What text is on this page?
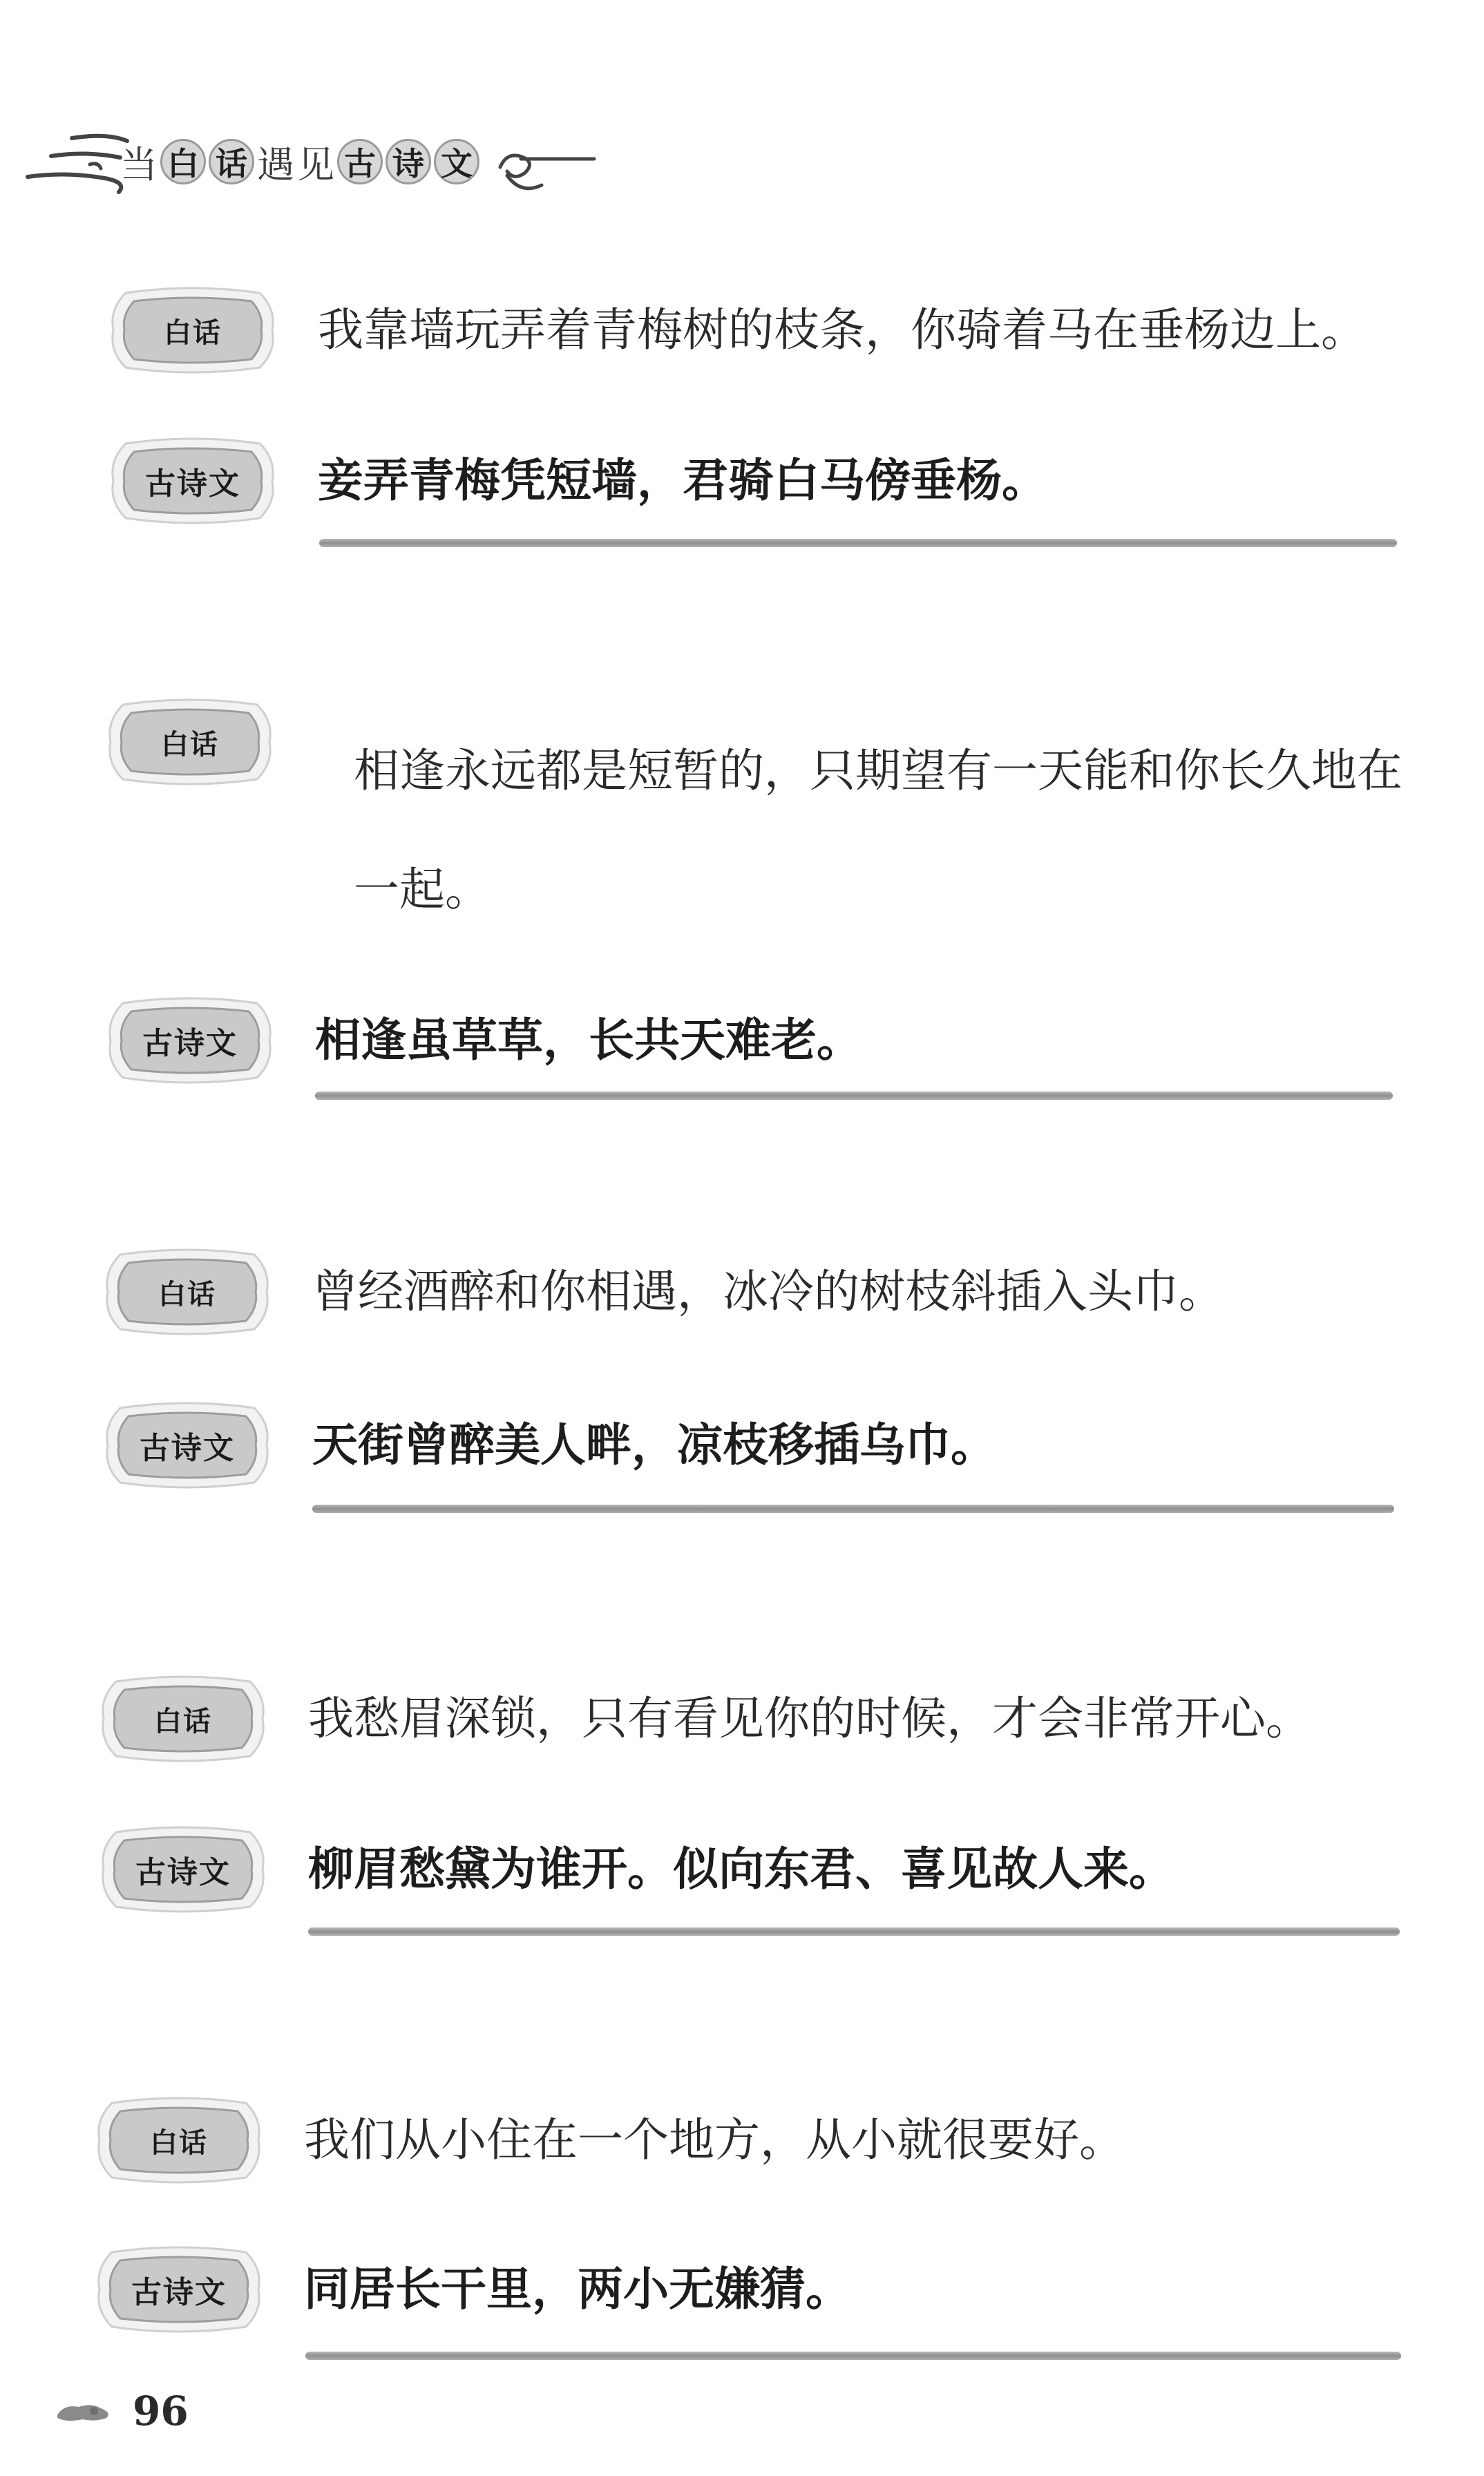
当 白 话 遇 见 古 诗 文
白话 我靠墙玩弄着青梅树的枝条，你骑着马在垂杨边上。
古诗文 妾弄青梅凭短墙，君骑白马傍垂杨。
白话	相逢永远都是短暂的，只期望有一天能和你长久地在一起。
古诗文 相逢虽草草，长共天难老。
白话 曾经酒醉和你相遇，冰冷的树枝斜插入头巾。
古诗文 天街曾醉美人畔，凉枝移插乌巾。
白话 我愁眉深锁，只有看见你的时候，才会非常开心。
古诗文 柳眉愁黛为谁开。似向东君、喜见故人来。
白话 我们从小住在一个地方，从小就很要好。
古诗文 同居长干里，两小无嫌猜。
96
